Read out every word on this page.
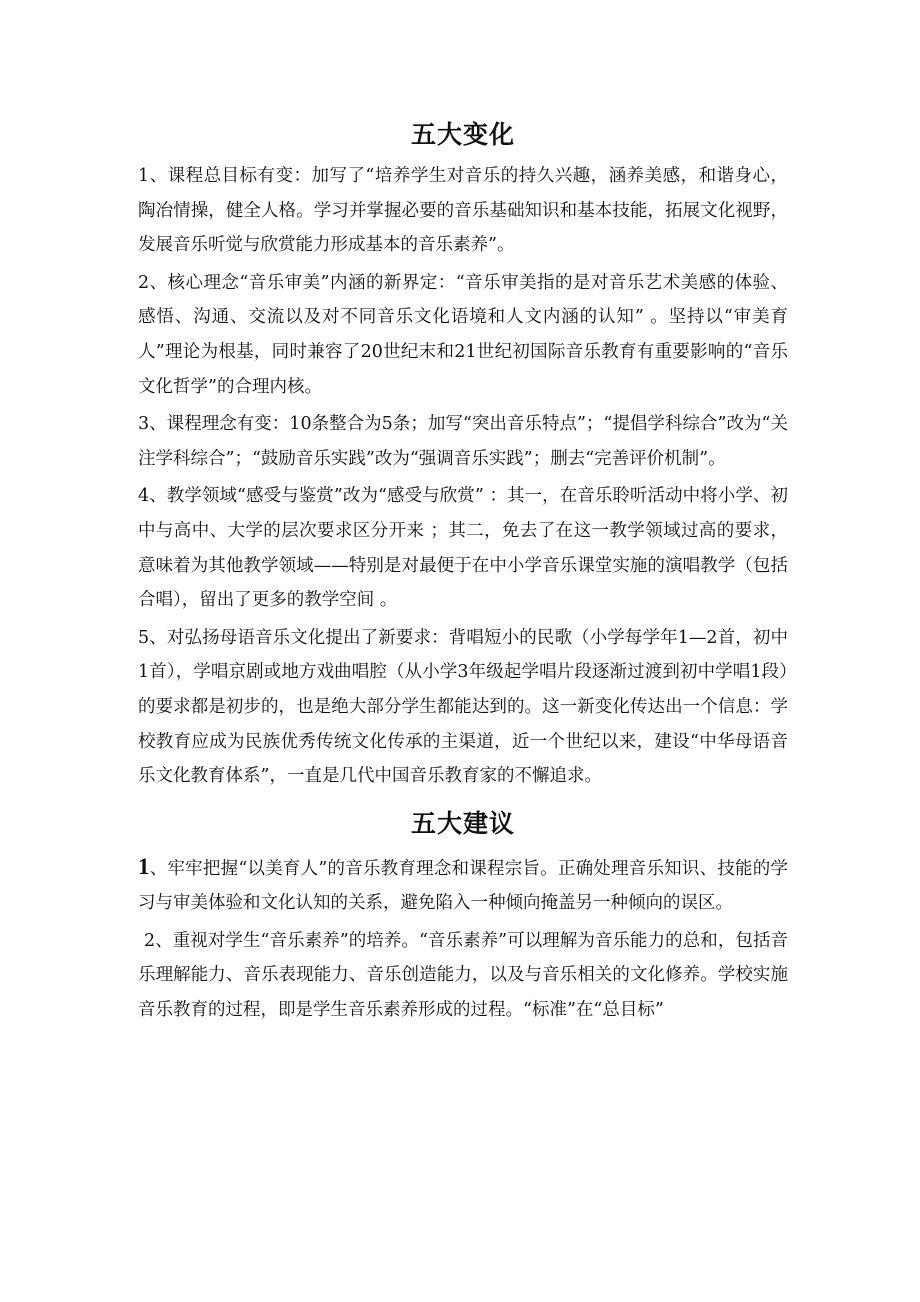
五大变化

1、课程总目标有变：加写了“培养学生对音乐的持久兴趣，涵养美感，和谐身心，陶冶情操，健全人格。学习并掌握必要的音乐基础知识和基本技能，拓展文化视野，发展音乐听觉与欣赏能力形成基本的音乐素养”。

2、核心理念“音乐审美”内涵的新界定：“音乐审美指的是对音乐艺术美感的体验、感悟、沟通、交流以及对不同音乐文化语境和人文内涵的认知” 。坚持以“审美育人”理论为根基，同时兼容了20世纪末和21世纪初国际音乐教育有重要影响的“音乐文化哲学”的合理内核。

3、课程理念有变：10条整合为5条；加写“突出音乐特点”；“提倡学科综合”改为“关注学科综合”；“鼓励音乐实践”改为“强调音乐实践”；删去“完善评价机制”。

4、教学领域“感受与鉴赏”改为“感受与欣赏” ：其一，在音乐聆听活动中将小学、初中与高中、大学的层次要求区分开来 ；其二，免去了在这一教学领域过高的要求，意味着为其他教学领域——特别是对最便于在中小学音乐课堂实施的演唱教学（包括合唱），留出了更多的教学空间 。

5、对弘扬母语音乐文化提出了新要求：背唱短小的民歌（小学每学年1—2首，初中1首），学唱京剧或地方戏曲唱腔（从小学3年级起学唱片段逐渐过渡到初中学唱1段）的要求都是初步的，也是绝大部分学生都能达到的。这一新变化传达出一个信息：学校教育应成为民族优秀传统文化传承的主渠道，近一个世纪以来，建设“中华母语音乐文化教育体系”，一直是几代中国音乐教育家的不懈追求。

五大建议

1、牢牢把握“以美育人”的音乐教育理念和课程宗旨。正确处理音乐知识、技能的学习与审美体验和文化认知的关系，避免陷入一种倾向掩盖另一种倾向的误区。

2、重视对学生“音乐素养”的培养。“音乐素养”可以理解为音乐能力的总和，包括音乐理解能力、音乐表现能力、音乐创造能力，以及与音乐相关的文化修养。学校实施音乐教育的过程，即是学生音乐素养形成的过程。“标准”在“总目标”
